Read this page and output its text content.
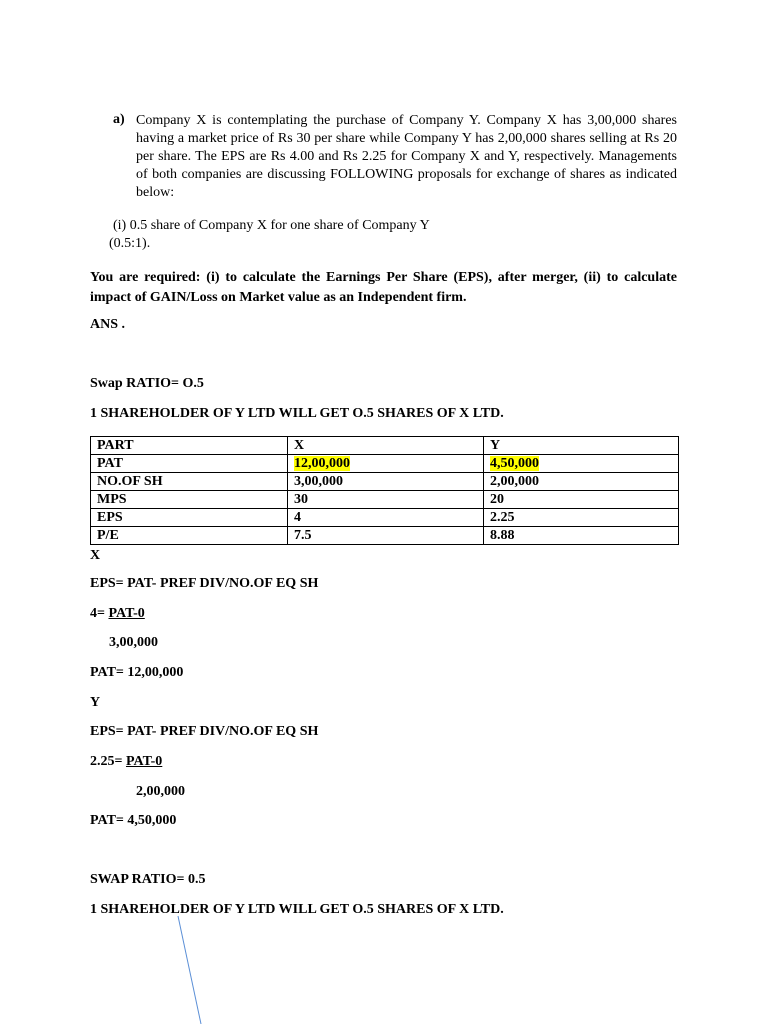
a) Company X is contemplating the purchase of Company Y. Company X has 3,00,000 shares having a market price of Rs 30 per share while Company Y has 2,00,000 shares selling at Rs 20 per share. The EPS are Rs 4.00 and Rs 2.25 for Company X and Y, respectively. Managements of both companies are discussing FOLLOWING proposals for exchange of shares as indicated below:

(i) 0.5 share of Company X for one share of Company Y

(0.5:1).

You are required: (i) to calculate the Earnings Per Share (EPS), after merger, (ii) to calculate impact of GAIN/Loss on Market value as an Independent firm.

ANS .

Swap RATIO= O.5

1 SHAREHOLDER OF Y LTD WILL GET O.5 SHARES OF X LTD.

PART	X	Y
PAT	12,00,000	4,50,000
NO.OF SH	3,00,000	2,00,000
MPS	30	20
EPS	4	2.25
P/E	7.5	8.88

X

EPS= PAT- PREF DIV/NO.OF EQ SH

4= PAT-0

3,00,000

PAT= 12,00,000

Y

EPS= PAT- PREF DIV/NO.OF EQ SH

2.25= PAT-0

2,00,000

PAT= 4,50,000

SWAP RATIO= 0.5

1 SHAREHOLDER OF Y LTD WILL GET O.5 SHARES OF X LTD.
